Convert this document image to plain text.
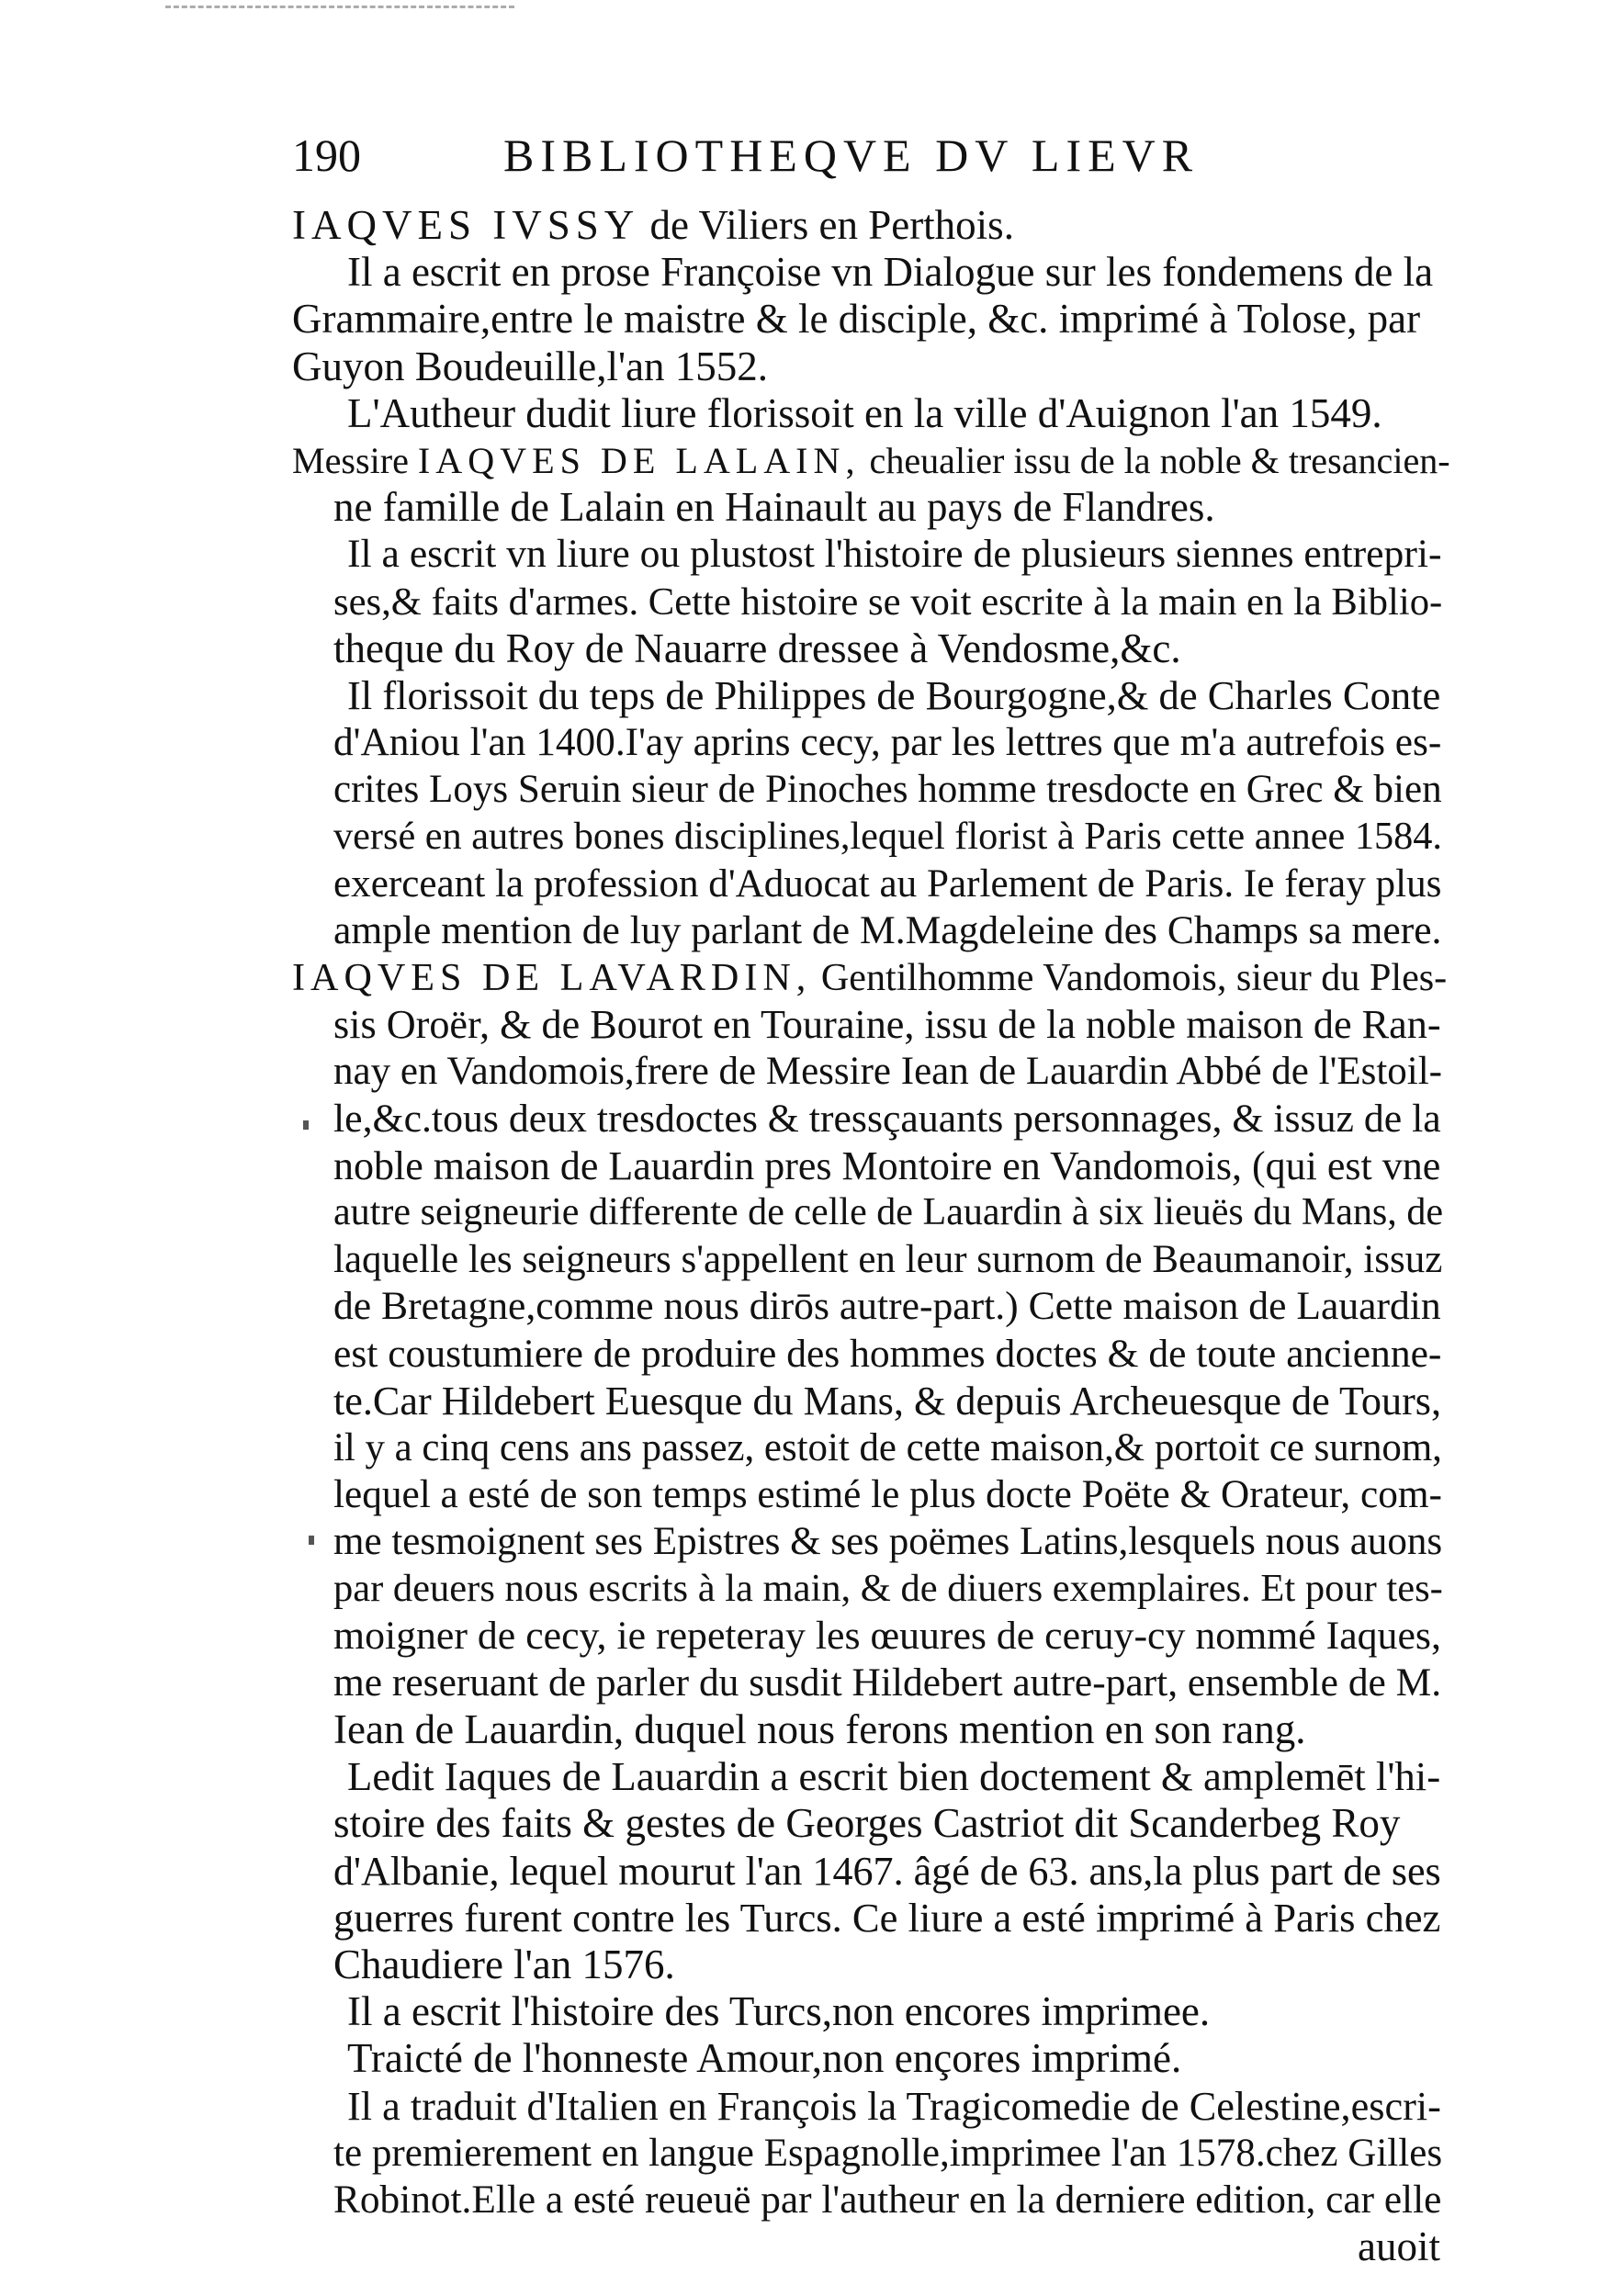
190	BIBLIOTHEQVE DV LIEVR
IAQVES IVSSY de Viliers en Perthois.
Il a escrit en prose Françoise vn Dialogue sur les fondemens de la
Grammaire,entre le maistre & le disciple, &c. imprimé à Tolose, par
Guyon Boudeuille,l'an 1552.
L'Autheur dudit liure florissoit en la ville d'Auignon l'an 1549.
Messire IAQVES DE LALAIN, cheualier issu de la noble & tresancien-
ne famille de Lalain en Hainault au pays de Flandres.
Il a escrit vn liure ou plustost l'histoire de plusieurs siennes entrepri-
ses,& faits d'armes. Cette histoire se voit escrite à la main en la Biblio-
theque du Roy de Nauarre dressee à Vendosme,&c.
Il florissoit du teps de Philippes de Bourgogne,& de Charles Conte
d'Aniou l'an 1400.I'ay aprins cecy, par les lettres que m'a autrefois es-
crites Loys Seruin sieur de Pinoches homme tresdocte en Grec & bien
versé en autres bones disciplines,lequel florist à Paris cette annee 1584.
exerceant la profession d'Aduocat au Parlement de Paris. Ie feray plus
ample mention de luy parlant de M.Magdeleine des Champs sa mere.
IAQVES DE LAVARDIN, Gentilhomme Vandomois, sieur du Ples-
sis Oroër, & de Bourot en Touraine, issu de la noble maison de Ran-
nay en Vandomois,frere de Messire Iean de Lauardin Abbé de l'Estoil-
le,&c.tous deux tresdoctes & tressçauants personnages, & issuz de la
noble maison de Lauardin pres Montoire en Vandomois, (qui est vne
autre seigneurie differente de celle de Lauardin à six lieuës du Mans, de
laquelle les seigneurs s'appellent en leur surnom de Beaumanoir, issuz
de Bretagne,comme nous dirōs autre-part.) Cette maison de Lauardin
est coustumiere de produire des hommes doctes & de toute ancienne-
te.Car Hildebert Euesque du Mans, & depuis Archeuesque de Tours,
il y a cinq cens ans passez, estoit de cette maison,& portoit ce surnom,
lequel a esté de son temps estimé le plus docte Poëte & Orateur, com-
me tesmoignent ses Epistres & ses poëmes Latins,lesquels nous auons
par deuers nous escrits à la main, & de diuers exemplaires. Et pour tes-
moigner de cecy, ie repeteray les œuures de ceruy-cy nommé Iaques,
me reseruant de parler du susdit Hildebert autre-part, ensemble de M.
Iean de Lauardin, duquel nous ferons mention en son rang.
Ledit Iaques de Lauardin a escrit bien doctement & amplemēt l'hi-
stoire des faits & gestes de Georges Castriot dit Scanderbeg Roy
d'Albanie, lequel mourut l'an 1467. âgé de 63. ans,la plus part de ses
guerres furent contre les Turcs. Ce liure a esté imprimé à Paris chez
Chaudiere l'an 1576.
Il a escrit l'histoire des Turcs,non encores imprimee.
Traicté de l'honneste Amour,non ençores imprimé.
Il a traduit d'Italien en François la Tragicomedie de Celestine,escri-
te premierement en langue Espagnolle,imprimee l'an 1578.chez Gilles
Robinot.Elle a esté reueuë par l'autheur en la derniere edition, car elle
auoit
